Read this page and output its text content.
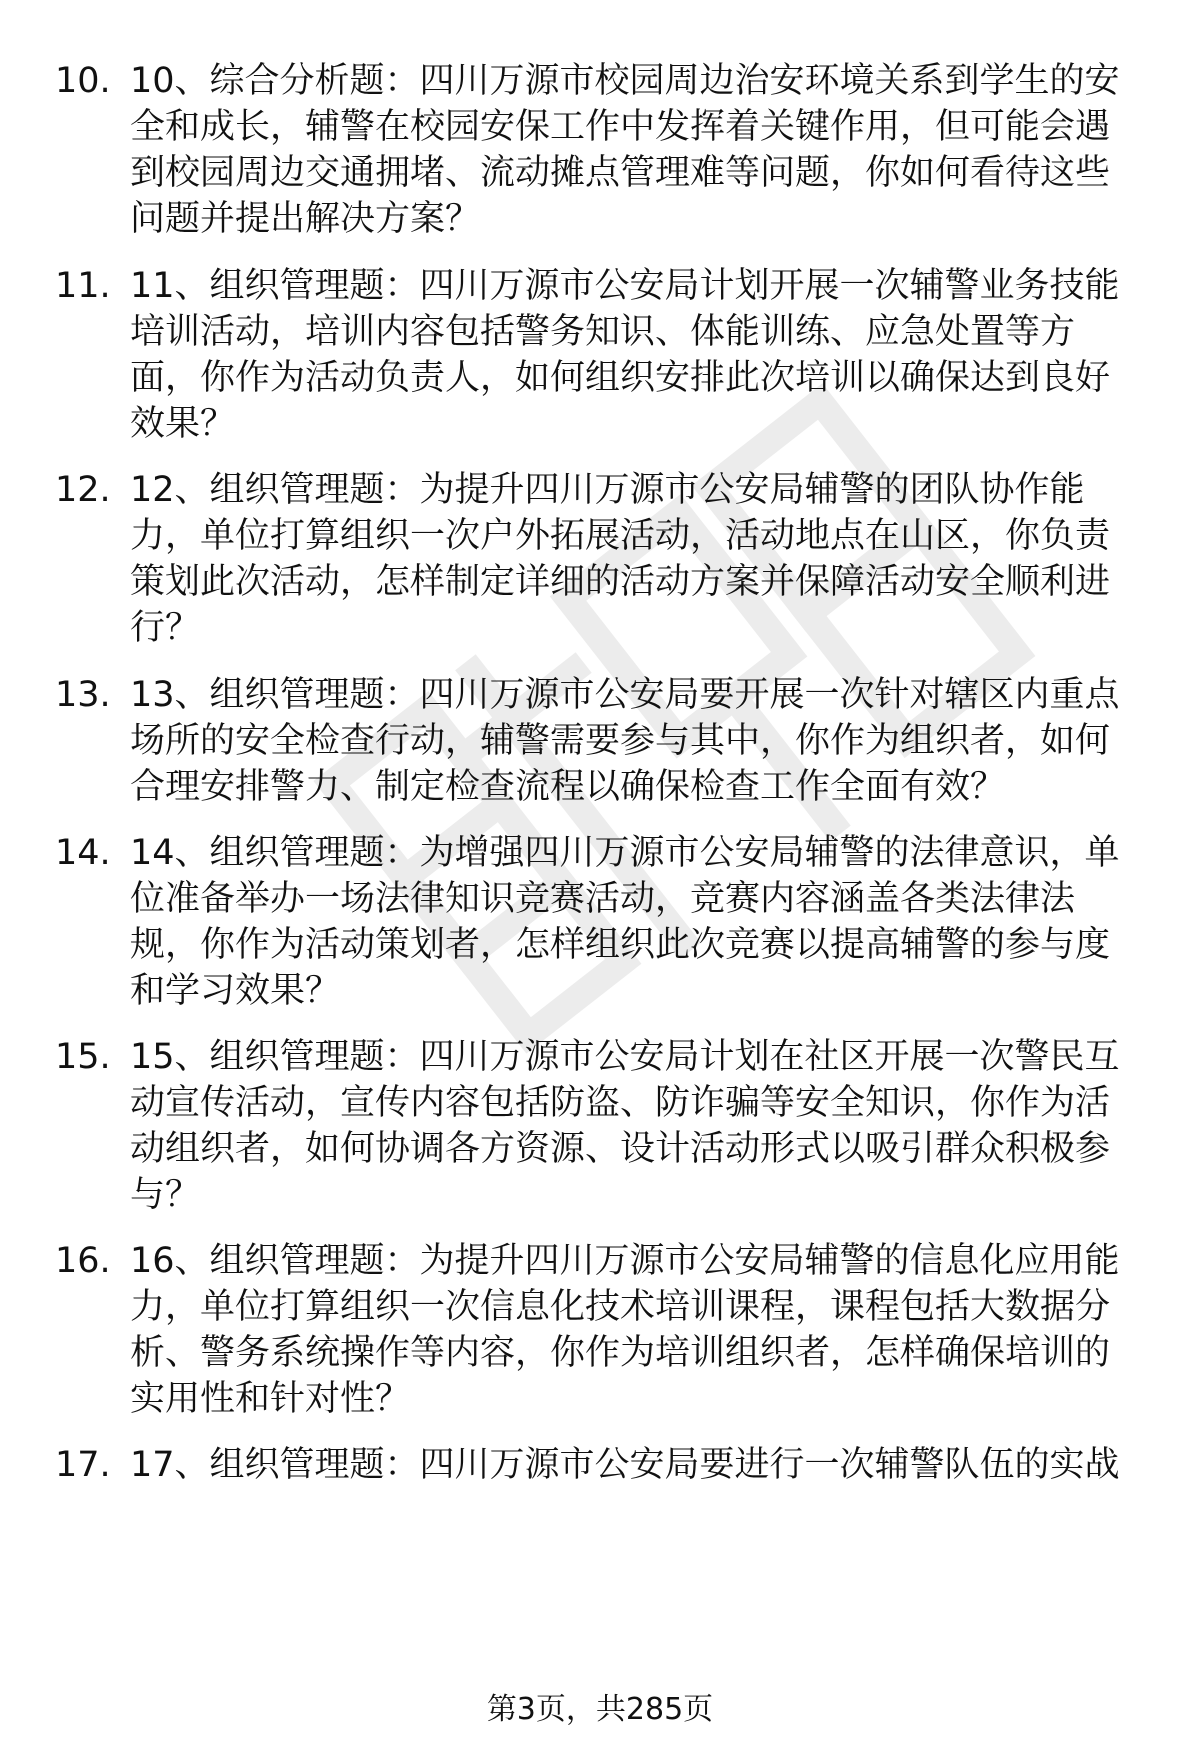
10. 10、综合分析题：四川万源市校园周边治安环境关系到学生的安
全和成长，辅警在校园安保工作中发挥着关键作用，但可能会遇
到校园周边交通拥堵、流动摊点管理难等问题，你如何看待这些
问题并提出解决方案？

11. 11、组织管理题：四川万源市公安局计划开展一次辅警业务技能
培训活动，培训内容包括警务知识、体能训练、应急处置等方
面，你作为活动负责人，如何组织安排此次培训以确保达到良好
效果？

12. 12、组织管理题：为提升四川万源市公安局辅警的团队协作能
力，单位打算组织一次户外拓展活动，活动地点在山区，你负责
策划此次活动，怎样制定详细的活动方案并保障活动安全顺利进
行？

13. 13、组织管理题：四川万源市公安局要开展一次针对辖区内重点
场所的安全检查行动，辅警需要参与其中，你作为组织者，如何
合理安排警力、制定检查流程以确保检查工作全面有效？

14. 14、组织管理题：为增强四川万源市公安局辅警的法律意识，单
位准备举办一场法律知识竞赛活动，竞赛内容涵盖各类法律法
规，你作为活动策划者，怎样组织此次竞赛以提高辅警的参与度
和学习效果？

15. 15、组织管理题：四川万源市公安局计划在社区开展一次警民互
动宣传活动，宣传内容包括防盗、防诈骗等安全知识，你作为活
动组织者，如何协调各方资源、设计活动形式以吸引群众积极参
与？

16. 16、组织管理题：为提升四川万源市公安局辅警的信息化应用能
力，单位打算组织一次信息化技术培训课程，课程包括大数据分
析、警务系统操作等内容，你作为培训组织者，怎样确保培训的
实用性和针对性？

17. 17、组织管理题：四川万源市公安局要进行一次辅警队伍的实战

第3页，共285页
